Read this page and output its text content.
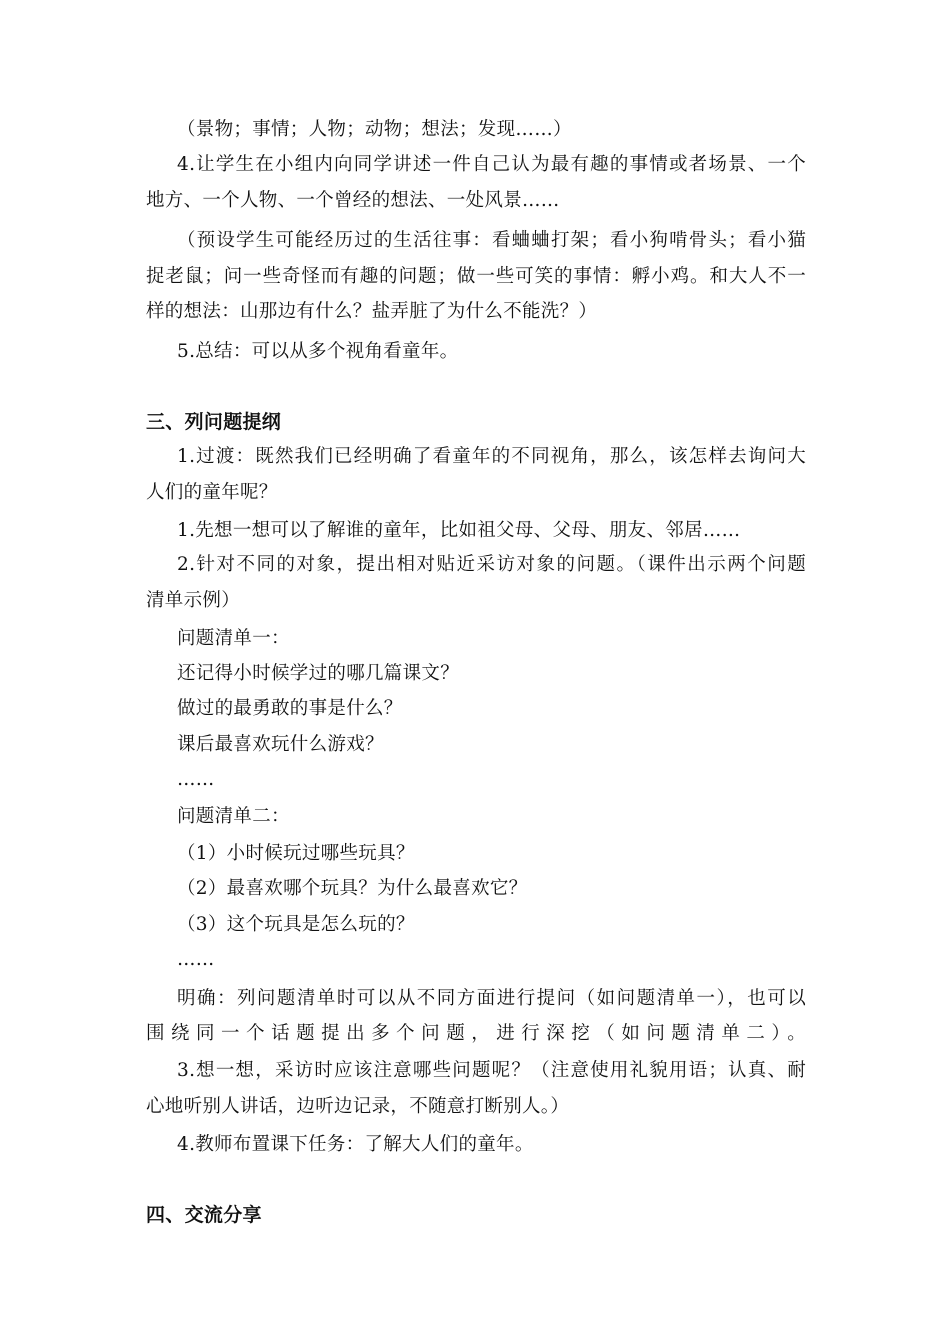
（景物；事情；人物；动物；想法；发现……）
4.让学生在小组内向同学讲述一件自己认为最有趣的事情或者场景、一个
地方、一个人物、一个曾经的想法、一处风景……
（预设学生可能经历过的生活往事：看蛐蛐打架；看小狗啃骨头；看小猫
捉老鼠；问一些奇怪而有趣的问题；做一些可笑的事情：孵小鸡。和大人不一
样的想法：山那边有什么？盐弄脏了为什么不能洗？）
5.总结：可以从多个视角看童年。
三、列问题提纲
1.过渡：既然我们已经明确了看童年的不同视角，那么，该怎样去询问大
人们的童年呢？
1.先想一想可以了解谁的童年，比如祖父母、父母、朋友、邻居……
2.针对不同的对象，提出相对贴近采访对象的问题。（课件出示两个问题
清单示例）
问题清单一：
还记得小时候学过的哪几篇课文？
做过的最勇敢的事是什么？
课后最喜欢玩什么游戏？
……
问题清单二：
（1）小时候玩过哪些玩具？
（2）最喜欢哪个玩具？为什么最喜欢它？
（3）这个玩具是怎么玩的？
……
明确：列问题清单时可以从不同方面进行提问（如问题清单一），也可以
围绕同一个话题提出多个问题，进行深挖（如问题清单二）。
3.想一想，采访时应该注意哪些问题呢？（注意使用礼貌用语；认真、耐
心地听别人讲话，边听边记录，不随意打断别人。）
4.教师布置课下任务：了解大人们的童年。
四、交流分享
